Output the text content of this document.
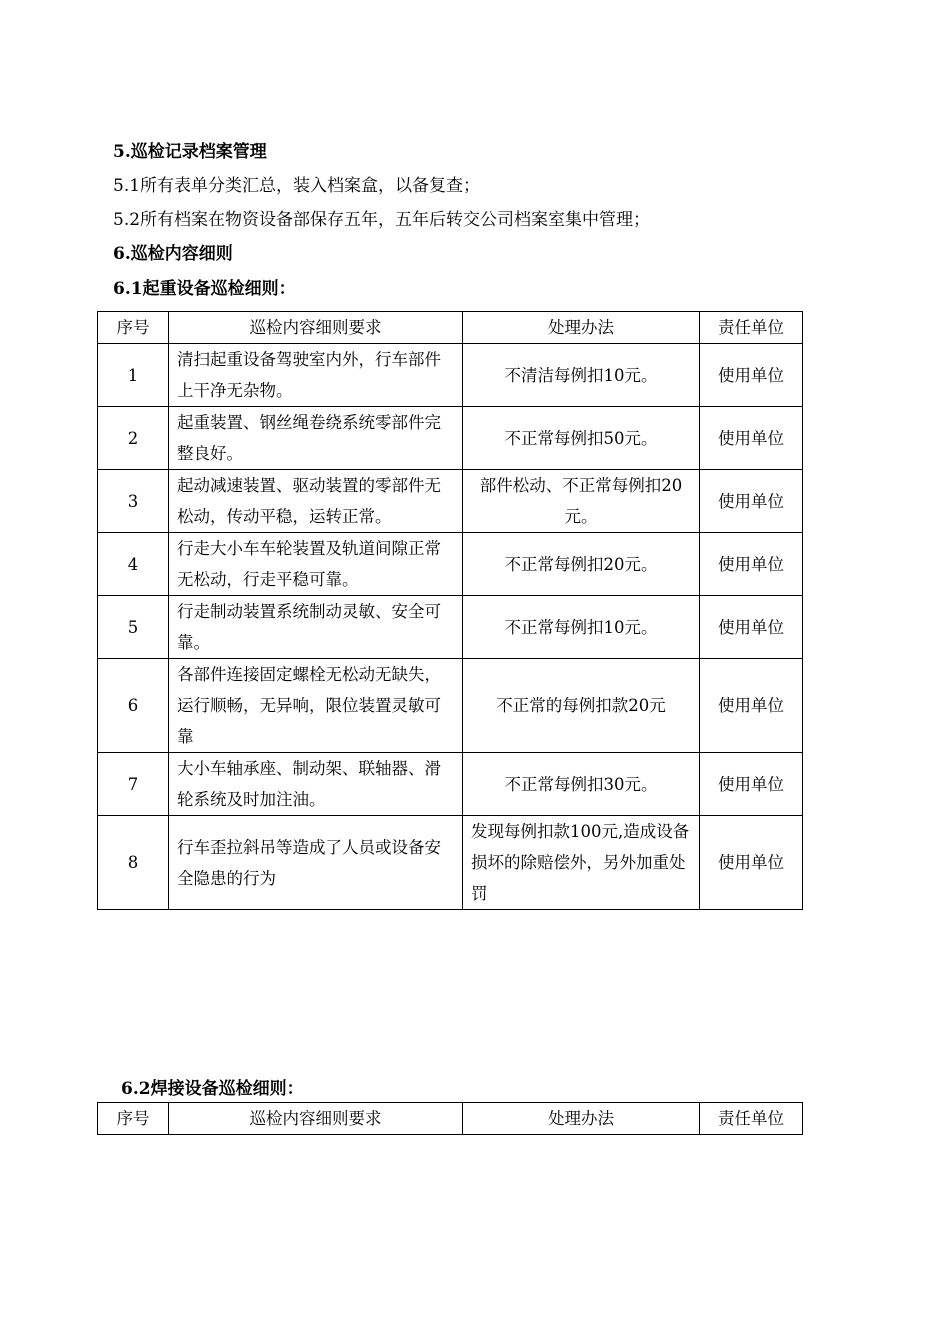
5.巡检记录档案管理
5.1所有表单分类汇总，装入档案盒，以备复查；
5.2所有档案在物资设备部保存五年，五年后转交公司档案室集中管理；
6.巡检内容细则
6.1起重设备巡检细则：
序号	巡检内容细则要求	处理办法	责任单位
1	清扫起重设备驾驶室内外，行车部件上干净无杂物。	不清洁每例扣10元。	使用单位
2	起重装置、钢丝绳卷绕系统零部件完整良好。	不正常每例扣50元。	使用单位
3	起动减速装置、驱动装置的零部件无松动，传动平稳，运转正常。	部件松动、不正常每例扣20元。	使用单位
4	行走大小车车轮装置及轨道间隙正常无松动，行走平稳可靠。	不正常每例扣20元。	使用单位
5	行走制动装置系统制动灵敏、安全可靠。	不正常每例扣10元。	使用单位
6	各部件连接固定螺栓无松动无缺失，运行顺畅，无异响，限位装置灵敏可靠	不正常的每例扣款20元	使用单位
7	大小车轴承座、制动架、联轴器、滑轮系统及时加注油。	不正常每例扣30元。	使用单位
8	行车歪拉斜吊等造成了人员或设备安全隐患的行为	发现每例扣款100元,造成设备损坏的除赔偿外，另外加重处罚	使用单位
6.2焊接设备巡检细则：
序号	巡检内容细则要求	处理办法	责任单位
